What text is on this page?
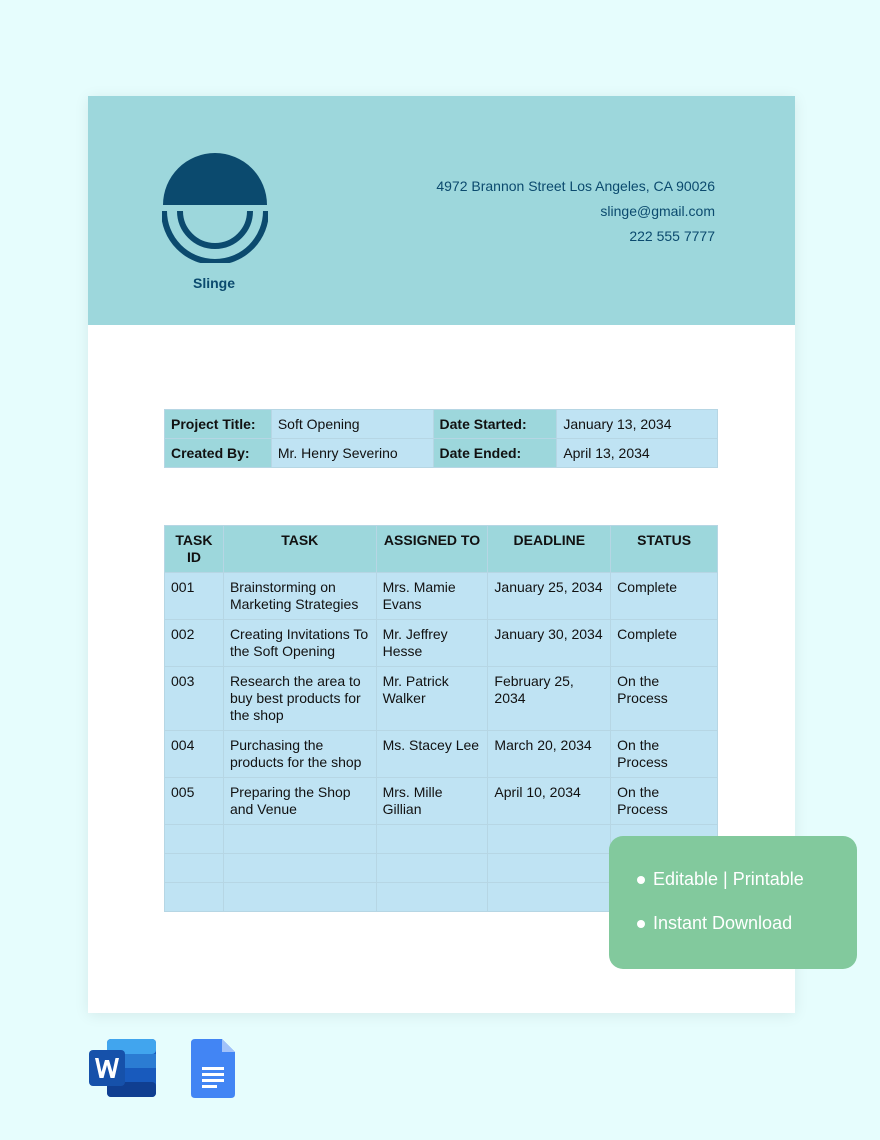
Slinge
4972 Brannon Street Los Angeles, CA 90026
slinge@gmail.com
222 555 7777
Project Title:	Soft Opening	Date Started:	January 13, 2034
Created By:	Mr. Henry Severino	Date Ended:	April 13, 2034
TASK ID	TASK	ASSIGNED TO	DEADLINE	STATUS
001	Brainstorming on Marketing Strategies	Mrs. Mamie Evans	January 25, 2034	Complete
002	Creating Invitations To the Soft Opening	Mr. Jeffrey Hesse	January 30, 2034	Complete
003	Research the area to buy best products for the shop	Mr. Patrick Walker	February 25, 2034	On the Process
004	Purchasing the products for the shop	Ms. Stacey Lee	March 20, 2034	On the Process
005	Preparing the Shop and Venue	Mrs. Mille Gillian	April 10, 2034	On the Process

Editable | Printable
Instant Download
